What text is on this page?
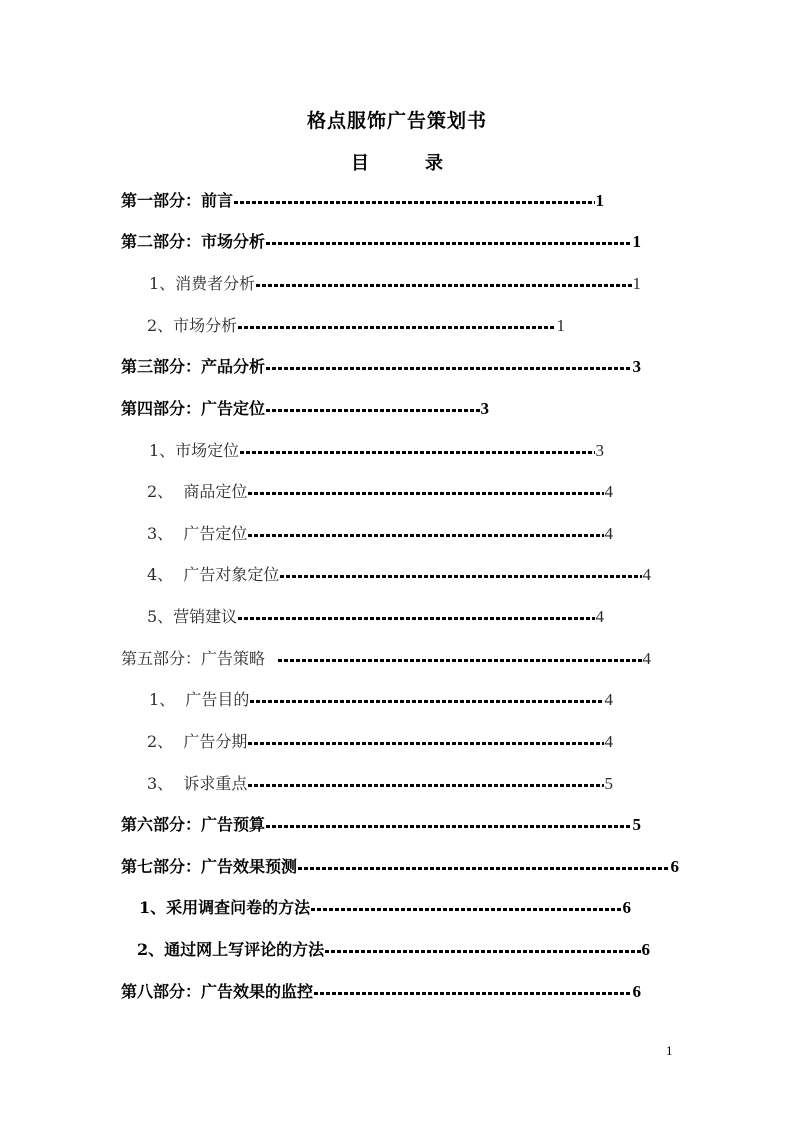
格点服饰广告策划书
目	录
第一部分：前言	1
第二部分：市场分析	1
1、消费者分析	1
2、市场分析	1
第三部分：产品分析	3
第四部分：广告定位	3
1、市场定位	3
2、  商品定位	4
3、  广告定位	4
4、  广告对象定位	4
5、营销建议	4
第五部分：广告策略	4
1、  广告目的	4
2、  广告分期	4
3、  诉求重点	5
第六部分：广告预算	5
第七部分：广告效果预测	6
1、采用调查问卷的方法	6
2、通过网上写评论的方法	6
第八部分：广告效果的监控	6
1
